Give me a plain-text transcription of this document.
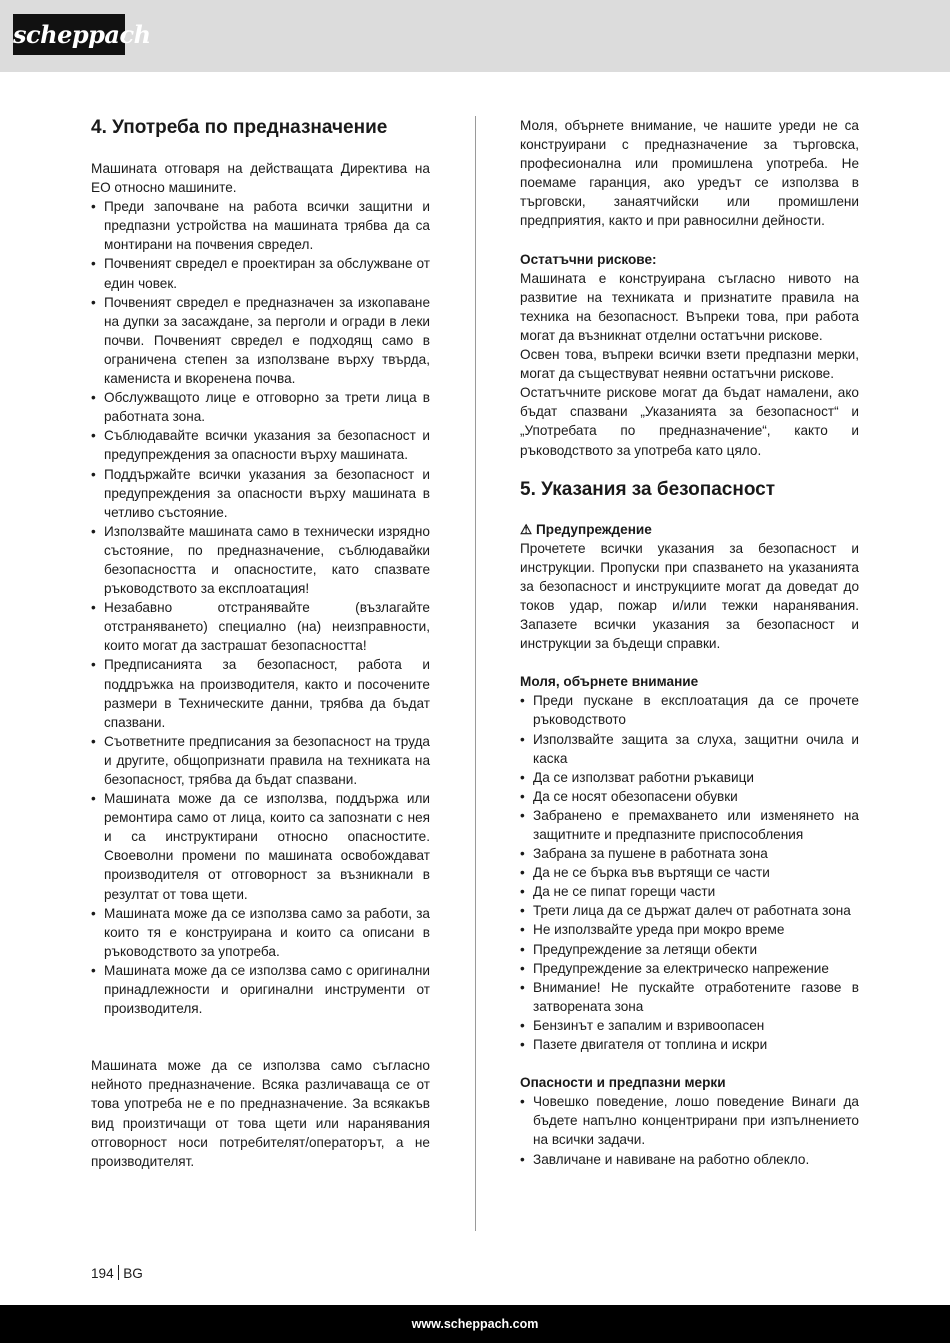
scheppach
4. Употреба по предназначение

Машината отговаря на действащата Директива на ЕО относно машините.

• Преди започване на работа всички защитни и предпазни устройства на машината трябва да са монтирани на почвения свредел.
• Почвеният свредел е проектиран за обслужване от един човек.
• Почвеният свредел е предназначен за изкопаване на дупки за засаждане, за перголи и огради в леки почви. Почвеният свредел е подходящ само в ограничена степен за използване върху твърда, камениста и вкоренена почва.
• Обслужващото лице е отговорно за трети лица в работната зона.
• Съблюдавайте всички указания за безопасност и предупреждения за опасности върху машината.
• Поддържайте всички указания за безопасност и предупреждения за опасности върху машината в четливо състояние.
• Използвайте машината само в технически изрядно състояние, по предназначение, съблюдавайки безопасността и опасностите, като спазвате ръководството за експлоатация!
• Незабавно отстранявайте (възлагайте отстраняването) специално (на) неизправности, които могат да застрашат безопасността!
• Предписанията за безопасност, работа и поддръжка на производителя, както и посочените размери в Техническите данни, трябва да бъдат спазвани.
• Съответните предписания за безопасност на труда и другите, общопризнати правила на техниката на безопасност, трябва да бъдат спазвани.
• Машината може да се използва, поддържа или ремонтира само от лица, които са запознати с нея и са инструктирани относно опасностите. Своеволни промени по машината освобождават производителя от отговорност за възникнали в резултат от това щети.
• Машината може да се използва само за работи, за които тя е конструирана и които са описани в ръководството за употреба.
• Машината може да се използва само с оригинални принадлежности и оригинални инструменти от производителя.

Машината може да се използва само съгласно нейното предназначение. Всяка различаваща се от това употреба не е по предназначение. За всякакъв вид произтичащи от това щети или наранявания отговорност носи потребителят/операторът, а не производителят.

Моля, обърнете внимание, че нашите уреди не са конструирани с предназначение за търговска, професионална или промишлена употреба. Не поемаме гаранция, ако уредът се използва в търговски, занаятчийски или промишлени предприятия, както и при равносилни дейности.

Остатъчни рискове:

Машината е конструирана съгласно нивото на развитие на техниката и признатите правила на техника на безопасност. Въпреки това, при работа могат да възникнат отделни остатъчни рискове.

Освен това, въпреки всички взети предпазни мерки, могат да съществуват неявни остатъчни рискове.

Остатъчните рискове могат да бъдат намалени, ако бъдат спазвани „Указанията за безопасност“ и „Употребата по предназначение“, както и ръководството за употреба като цяло.

5. Указания за безопасност
⚠ Предупреждение

Прочетете всички указания за безопасност и инструкции. Пропуски при спазването на указанията за безопасност и инструкциите могат да доведат до токов удар, пожар и/или тежки наранявания. Запазете всички указания за безопасност и инструкции за бъдещи справки.

Моля, обърнете внимание
• Преди пускане в експлоатация да се прочете ръководството
• Използвайте защита за слуха, защитни очила и каска
• Да се използват работни ръкавици
• Да се носят обезопасени обувки
• Забранено е премахването или изменянето на защитните и предпазните приспособления
• Забрана за пушене в работната зона
• Да не се бърка във въртящи се части
• Да не се пипат горещи части
• Трети лица да се държат далеч от работната зона
• Не използвайте уреда при мокро време
• Предупреждение за летящи обекти
• Предупреждение за електрическо напрежение
• Внимание! Не пускайте отработените газове в затворената зона
• Бензинът е запалим и взривоопасен
• Пазете двигателя от топлина и искри
Опасности и предпазни мерки
• Човешко поведение, лошо поведение Винаги да бъдете напълно концентрирани при изпълнението на всички задачи.
• Завличане и навиване на работно облекло.
194 BG
www.scheppach.com
